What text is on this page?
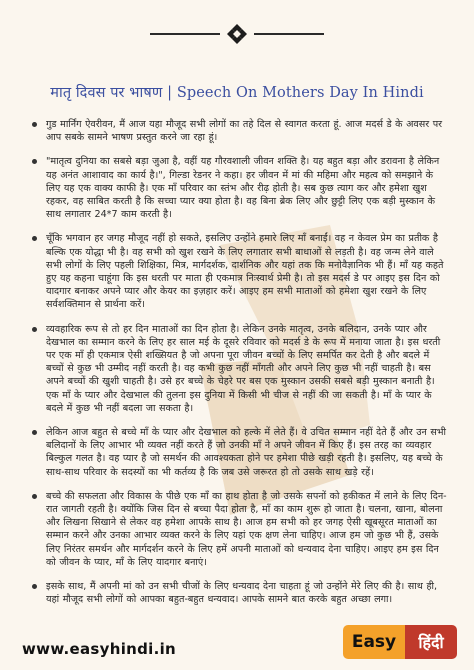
मातृ दिवस पर भाषण | Speech On Mothers Day In Hindi
गुड मार्निंग ऐवरीवन, मैं आज यहा मौजूद सभी लोगों का तहे दिल से स्वागत करता हूं. आज मदर्स डे के अवसर पर आप सबके सामने भाषण प्रस्तुत करने जा रहा हूं।
"मातृत्व दुनिया का सबसे बड़ा जुआ है, वहीं यह गौरवशाली जीवन शक्ति है। यह बहुत बड़ा और डरावना है लेकिन यह अनंत आशावाद का कार्य है।", गिल्डा रेडनर ने कहा। हर जीवन में मां की महिमा और महत्व को समझाने के लिए यह एक वाक्य काफी है। एक माँ परिवार का स्तंभ और रीढ़ होती है। सब कुछ त्याग कर और हमेशा खुश रहकर, वह साबित करती है कि सच्चा प्यार क्या होता है। वह बिना ब्रेक लिए और छुट्टी लिए एक बड़ी मुस्कान के साथ लगातार 24*7 काम करती है।
चूँकि भगवान हर जगह मौजूद नहीं हो सकते, इसलिए उन्होंने हमारे लिए माँ बनाईं। वह न केवल प्रेम का प्रतीक है बल्कि एक योद्धा भी है। वह सभी को खुश रखने के लिए लगातार सभी बाधाओं से लड़ती है। वह जन्म लेने वाले सभी लोगों के लिए पहली शिक्षिका, मित्र, मार्गदर्शक, दार्शनिक और यहां तक कि मनोवैज्ञानिक भी हैं। माँ यह कहते हुए यह कहना चाहूंगा कि इस धरती पर माता ही एकमात्र निःस्वार्थ प्रेमी है। तो इस मदर्स डे पर आइए इस दिन को यादगार बनाकर अपने प्यार और केयर का इज़हार करें। आइए हम सभी माताओं को हमेशा खुश रखने के लिए सर्वशक्तिमान से प्रार्थना करें।
व्यवहारिक रूप से तो हर दिन माताओं का दिन होता है। लेकिन उनके मातृत्व, उनके बलिदान, उनके प्यार और देखभाल का सम्मान करने के लिए हर साल मई के दूसरे रविवार को मदर्स डे के रूप में मनाया जाता है। इस धरती पर एक माँ ही एकमात्र ऐसी शख्सियत है जो अपना पूरा जीवन बच्चों के लिए समर्पित कर देती है और बदले में बच्चों से कुछ भी उम्मीद नहीं करती है। वह कभी कुछ नहीं माँगती और अपने लिए कुछ भी नहीं चाहती है। बस अपने बच्चों की खुशी चाहती है। उसे हर बच्चे के चेहरे पर बस एक मुस्कान उसकी सबसे बड़ी मुस्कान बनाती है। एक माँ के प्यार और देखभाल की तुलना इस दुनिया में किसी भी चीज से नहीं की जा सकती है। माँ के प्यार के बदले में कुछ भी नहीं बदला जा सकता है।
लेकिन आज बहुत से बच्चे माँ के प्यार और देखभाल को हल्के में लेते हैं। वे उचित सम्मान नहीं देते हैं और उन सभी बलिदानों के लिए आभार भी व्यक्त नहीं करते हैं जो उनकी माँ ने अपने जीवन में किए हैं। इस तरह का व्यवहार बिल्कुल गलत है। वह प्यार है जो समर्थन की आवश्यकता होने पर हमेशा पीछे खड़ी रहती है। इसलिए, यह बच्चे के साथ-साथ परिवार के सदस्यों का भी कर्तव्य है कि जब उसे जरूरत हो तो उसके साथ खड़े रहें।
बच्चे की सफलता और विकास के पीछे एक माँ का हाथ होता है जो उसके सपनों को हकीकत में लाने के लिए दिन-रात जागती रहती है। क्योंकि जिस दिन से बच्चा पैदा होता है, माँ का काम शुरू हो जाता है। चलना, खाना, बोलना और लिखना सिखाने से लेकर वह हमेशा आपके साथ है। आज हम सभी को हर जगह ऐसी खूबसूरत माताओं का सम्मान करने और उनका आभार व्यक्त करने के लिए यहां एक क्षण लेना चाहिए। आज हम जो कुछ भी हैं, उसके लिए निरंतर समर्थन और मार्गदर्शन करने के लिए हमें अपनी माताओं को धन्यवाद देना चाहिए। आइए हम इस दिन को जीवन के प्यार, माँ के लिए यादगार बनाएं।
इसके साथ, मैं अपनी मां को उन सभी चीजों के लिए धन्यवाद देना चाहता हूं जो उन्होंने मेरे लिए की है। साथ ही, यहां मौजूद सभी लोगों को आपका बहुत-बहुत धन्यवाद। आपके सामने बात करके बहुत अच्छा लगा।
www.easyhindi.in	Easy	हिंदी
